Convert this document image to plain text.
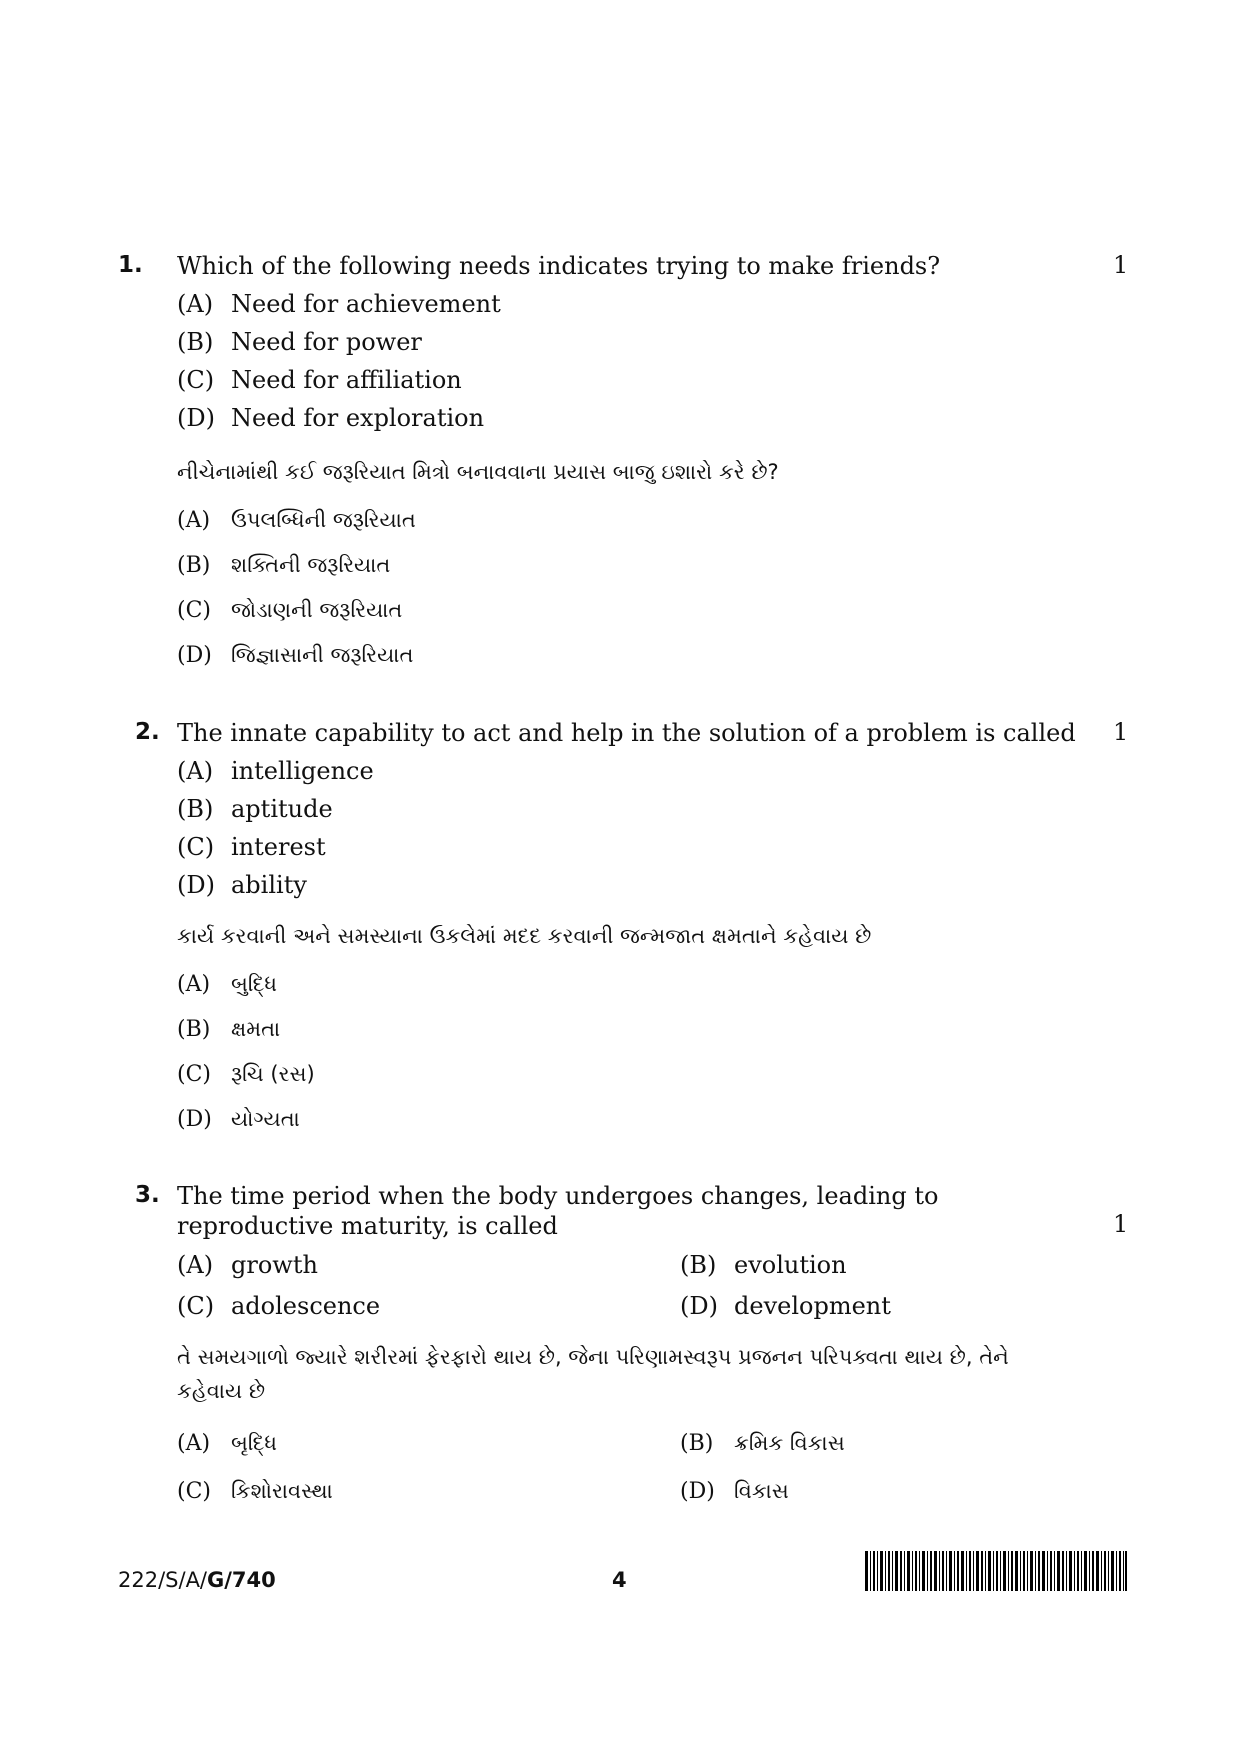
1. Which of the following needs indicates trying to make friends?	1
(A) Need for achievement
(B) Need for power
(C) Need for affiliation
(D) Need for exploration
નીચેનામાંથી કઈ જરૂરિયાત મિત્રો બનાવવાના પ્રયાસ બાજુ ઇશારો કરે છે?
(A) ઉપલબ્ધિની જરૂરિયાત
(B) શક્તિની જરૂરિયાત
(C) જોડાણની જરૂરિયાત
(D) જિજ્ઞાસાની જરૂરિયાત
2. The innate capability to act and help in the solution of a problem is called 1
(A) intelligence
(B) aptitude
(C) interest
(D) ability
કાર્ય કરવાની અને સમસ્યાના ઉકલેમાં મદદ કરવાની જન્મજાત ક્ષમતાને કહેવાય છે
(A) બુદ્ધિ
(B) ક્ષમતા
(C) રૂચિ (રસ)
(D) યોગ્યતા
3. The time period when the body undergoes changes, leading to reproductive maturity, is called	1
(A) growth	(B) evolution
(C) adolescence	(D) development
તે સમયગાળો જ્યારે શરીરમાં ફેરફારો થાય છે, જેના પરિણામસ્વરૂપ પ્રજનન પરિપક્વતા થાય છે, તેને કહેવાય છે
(A) બૃદ્ધિ	(B) ક્રમિક વિકાસ
(C) કિશોરાવસ્થા	(D) વિકાસ
222/S/A/G/740	4
